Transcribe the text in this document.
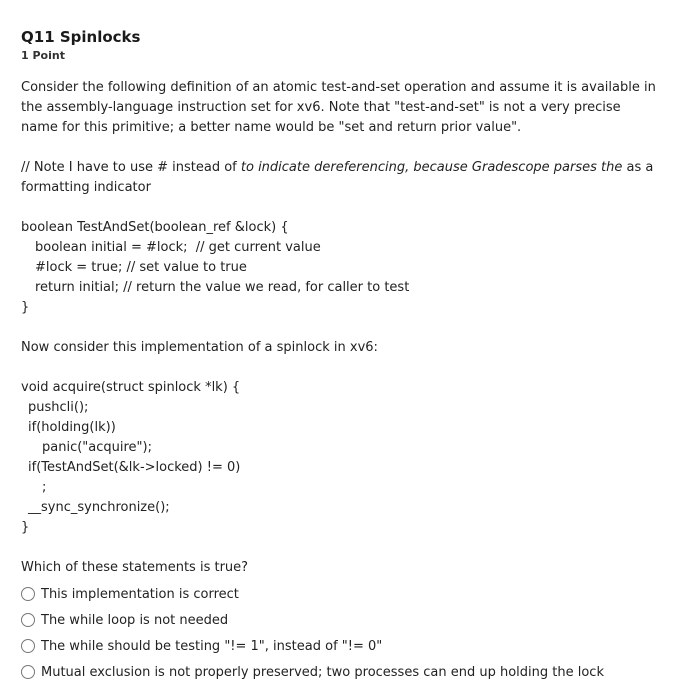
Q11 Spinlocks
1 Point
Consider the following definition of an atomic test-and-set operation and assume it is available in the assembly-language instruction set for xv6. Note that "test-and-set" is not a very precise name for this primitive; a better name would be "set and return prior value".
// Note I have to use # instead of to indicate dereferencing, because Gradescope parses the as a
formatting indicator
boolean TestAndSet(boolean_ref &lock) {
boolean initial = #lock;  // get current value
#lock = true; // set value to true
return initial; // return the value we read, for caller to test
}
Now consider this implementation of a spinlock in xv6:
void acquire(struct spinlock *lk) {
pushcli();
if(holding(lk))
panic("acquire");
if(TestAndSet(&lk->locked) != 0)
;
__sync_synchronize();
}
Which of these statements is true?
This implementation is correct
The while loop is not needed
The while should be testing "!= 1", instead of "!= 0"
Mutual exclusion is not properly preserved; two processes can end up holding the lock
